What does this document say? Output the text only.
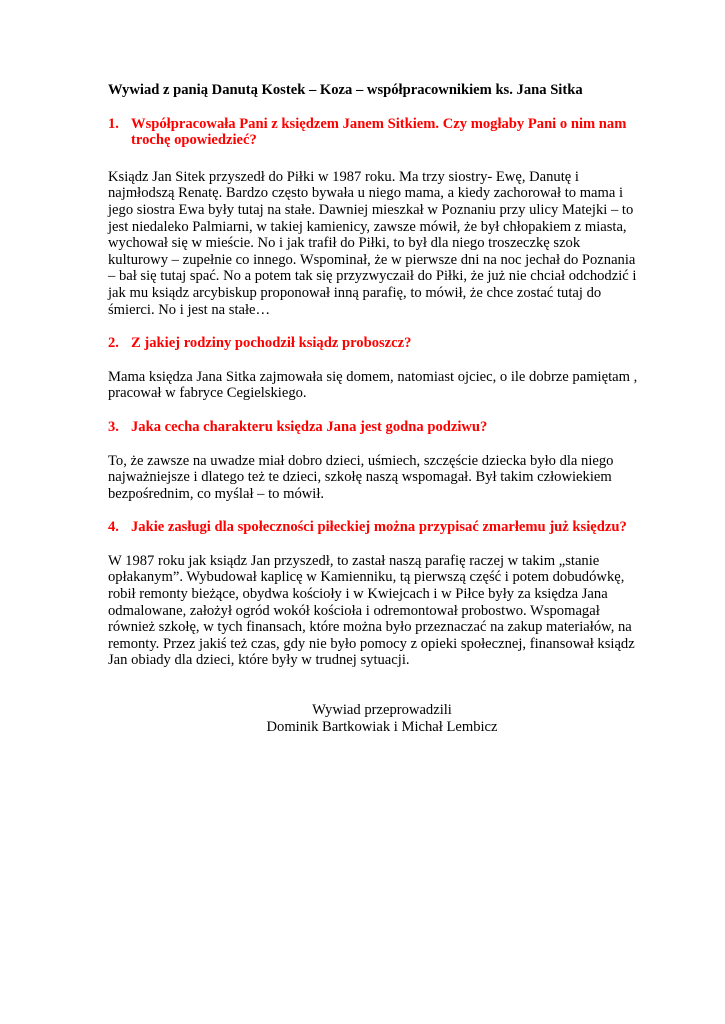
Wywiad z panią Danutą Kostek – Koza – współpracownikiem ks. Jana Sitka

1. Współpracowała Pani z księdzem Janem Sitkiem. Czy mogłaby Pani o nim nam
trochę opowiedzieć?
Ksiądz Jan Sitek przyszedł do Piłki w 1987 roku. Ma trzy siostry- Ewę, Danutę i
najmłodszą Renatę. Bardzo często bywała u niego mama, a kiedy zachorował to mama i
jego siostra Ewa były tutaj na stałe. Dawniej mieszkał w Poznaniu przy ulicy Matejki – to
jest niedaleko Palmiarni, w takiej kamienicy, zawsze mówił, że był chłopakiem z miasta,
wychował się w mieście. No i jak trafił do Piłki, to był dla niego troszeczkę szok
kulturowy – zupełnie co innego. Wspominał, że w pierwsze dni na noc jechał do Poznania
– bał się tutaj spać. No a potem tak się przyzwyczaił do Piłki, że już nie chciał odchodzić i
jak mu ksiądz arcybiskup proponował inną parafię, to mówił, że chce zostać tutaj do
śmierci. No i jest na stałe…
2. Z jakiej rodziny pochodził ksiądz proboszcz?
Mama księdza Jana Sitka zajmowała się domem, natomiast ojciec, o ile dobrze pamiętam ,
pracował w fabryce Cegielskiego.
3. Jaka cecha charakteru księdza Jana jest godna podziwu?
To, że zawsze na uwadze miał dobro dzieci, uśmiech, szczęście dziecka było dla niego
najważniejsze i dlatego też te dzieci, szkołę naszą wspomagał. Był takim człowiekiem
bezpośrednim, co myślał – to mówił.
4. Jakie zasługi dla społeczności piłeckiej można przypisać zmarłemu już księdzu?
W 1987 roku jak ksiądz Jan przyszedł, to zastał naszą parafię raczej w takim „stanie
opłakanym”. Wybudował kaplicę w Kamienniku, tą pierwszą część i potem dobudówkę,
robił remonty bieżące, obydwa kościoły i w Kwiejcach i w Piłce były za księdza Jana
odmalowane, założył ogród wokół kościoła i odremontował probostwo. Wspomagał
również szkołę, w tych finansach, które można było przeznaczać na zakup materiałów, na
remonty. Przez jakiś też czas, gdy nie było pomocy z opieki społecznej, finansował ksiądz
Jan obiady dla dzieci, które były w trudnej sytuacji.
Wywiad przeprowadzili
Dominik Bartkowiak i Michał Lembicz
